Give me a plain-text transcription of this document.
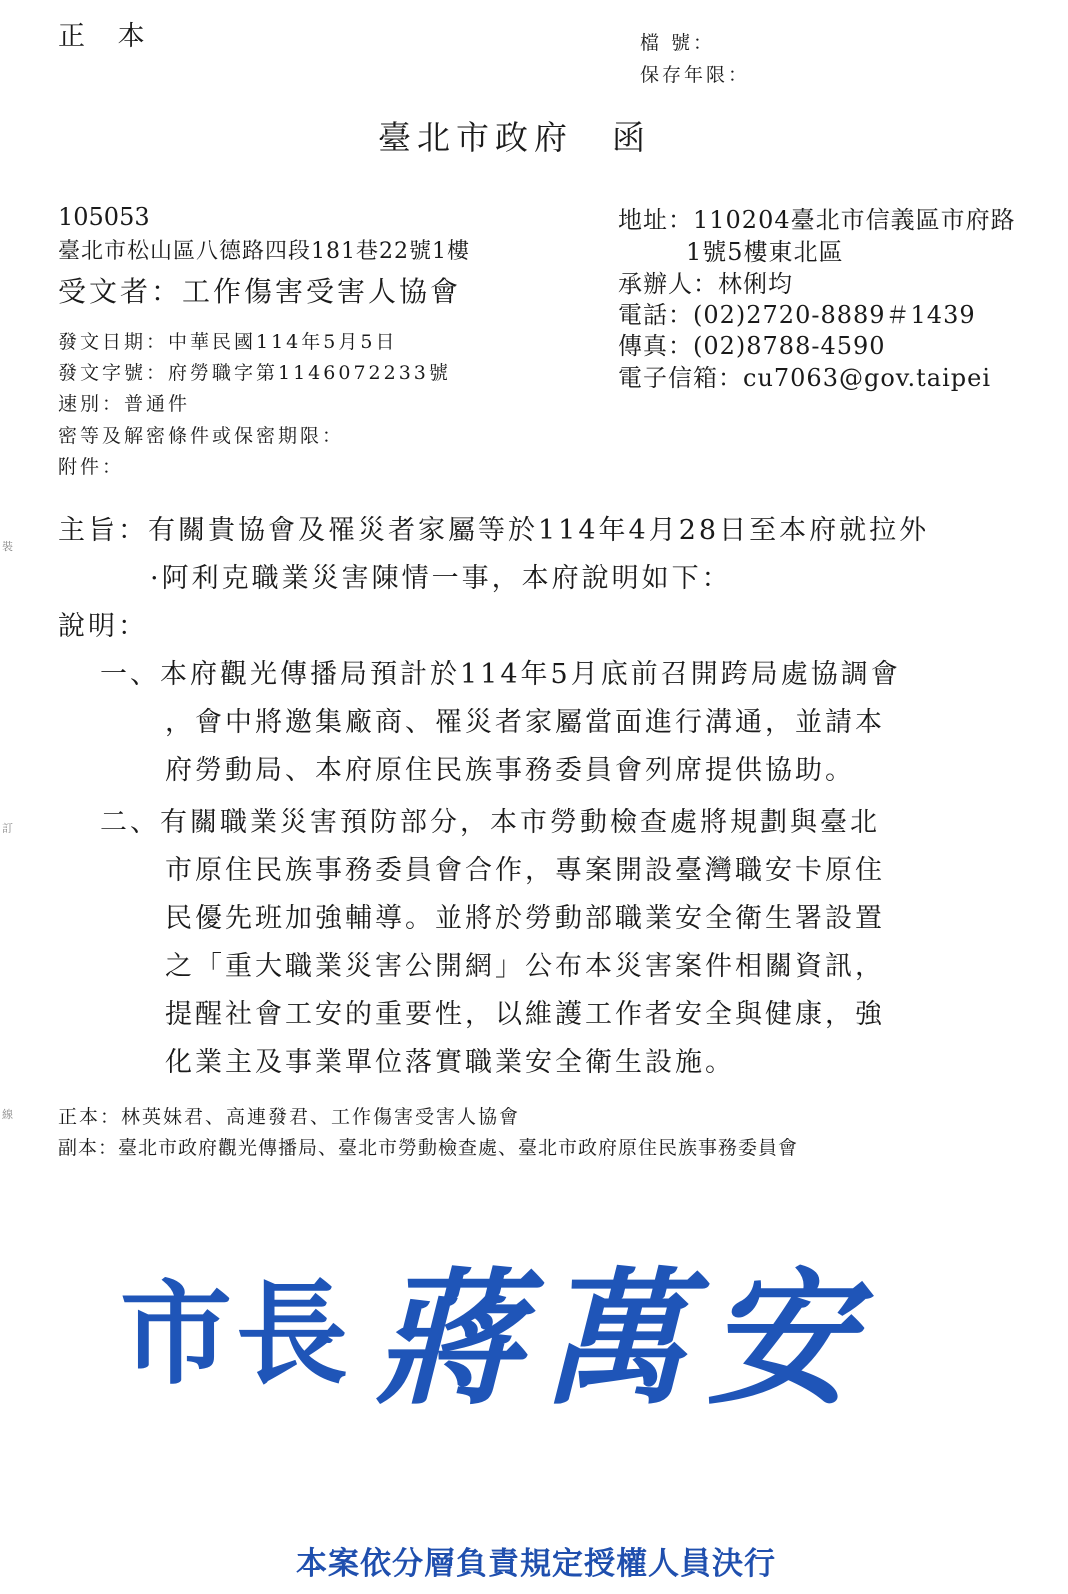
正 本	檔 號：
保存年限：
臺北市政府　函
105053
臺北市松山區八德路四段181巷22號1樓
受文者：工作傷害受害人協會
地址：110204臺北市信義區市府路
1號5樓東北區
承辦人：林俐均
電話：(02)2720-8889＃1439
傳真：(02)8788-4590
電子信箱：cu7063@gov.taipei
發文日期：中華民國114年5月5日
發文字號：府勞職字第1146072233號
速別：普通件
密等及解密條件或保密期限：
附件：
主旨：有關貴協會及罹災者家屬等於114年4月28日至本府就拉外
·阿利克職業災害陳情一事，本府說明如下：
說明：
一、本府觀光傳播局預計於114年5月底前召開跨局處協調會
，會中將邀集廠商、罹災者家屬當面進行溝通，並請本
府勞動局、本府原住民族事務委員會列席提供協助。
二、有關職業災害預防部分，本市勞動檢查處將規劃與臺北
市原住民族事務委員會合作，專案開設臺灣職安卡原住
民優先班加強輔導。並將於勞動部職業安全衛生署設置
之「重大職業災害公開網」公布本災害案件相關資訊，
提醒社會工安的重要性，以維護工作者安全與健康，強
化業主及事業單位落實職業安全衛生設施。
正本：林英妹君、高連發君、工作傷害受害人協會
副本：臺北市政府觀光傳播局、臺北市勞動檢查處、臺北市政府原住民族事務委員會
市長 蔣萬安
本案依分層負責規定授權人員決行
裝
訂
線
